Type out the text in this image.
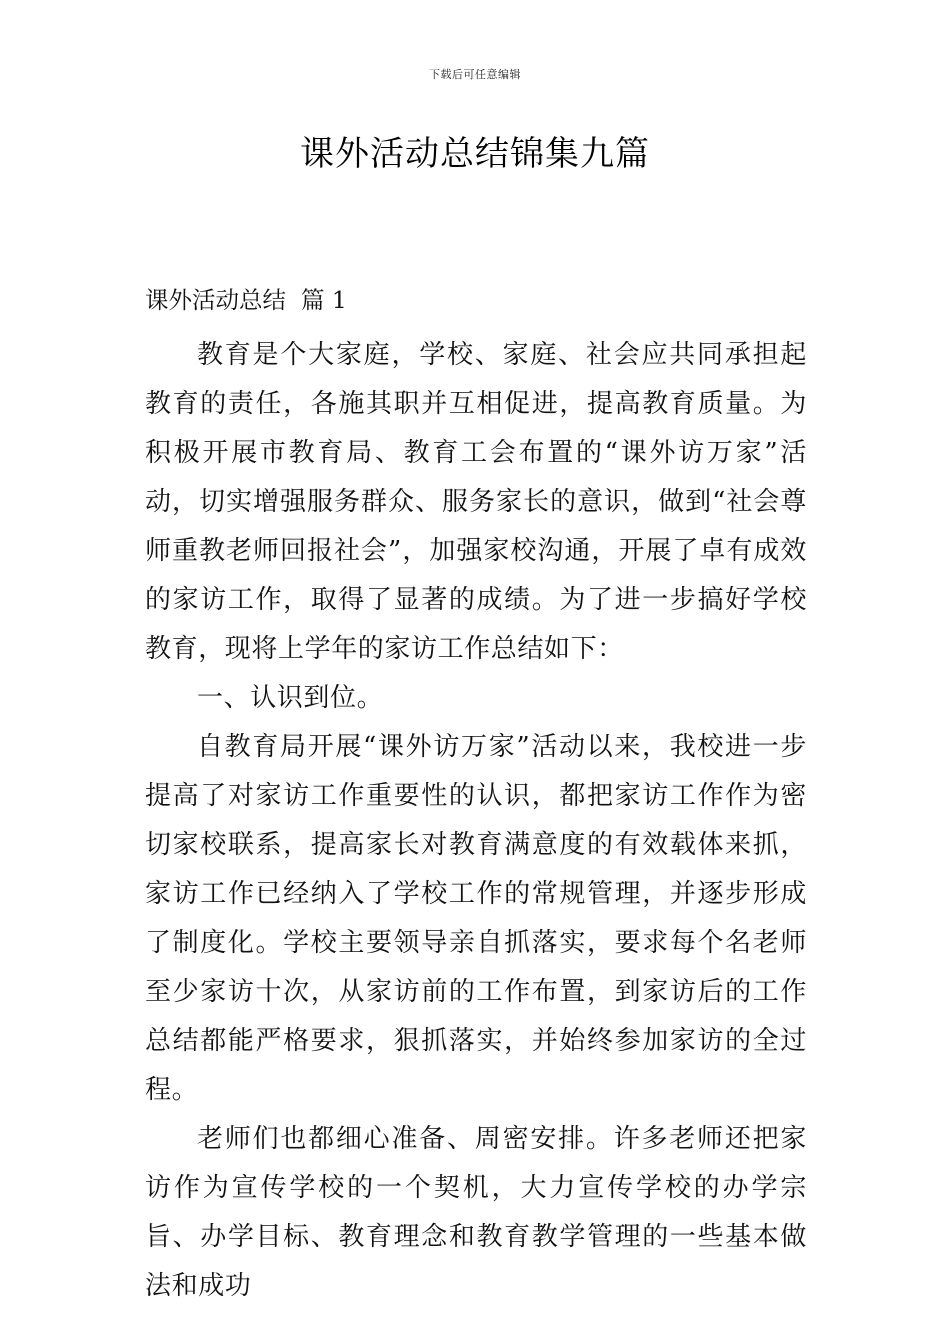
下载后可任意编辑
课外活动总结锦集九篇
课外活动总结  篇 1

教育是个大家庭，学校、家庭、社会应共同承担起教育的责任，各施其职并互相促进，提高教育质量。为积极开展市教育局、教育工会布置的“课外访万家”活动，切实增强服务群众、服务家长的意识，做到“社会尊师重教老师回报社会”，加强家校沟通，开展了卓有成效的家访工作，取得了显著的成绩。为了进一步搞好学校教育，现将上学年的家访工作总结如下：

一、认识到位。

自教育局开展“课外访万家”活动以来，我校进一步提高了对家访工作重要性的认识，都把家访工作作为密切家校联系，提高家长对教育满意度的有效载体来抓，家访工作已经纳入了学校工作的常规管理，并逐步形成了制度化。学校主要领导亲自抓落实，要求每个名老师至少家访十次，从家访前的工作布置，到家访后的工作总结都能严格要求，狠抓落实，并始终参加家访的全过程。

老师们也都细心准备、周密安排。许多老师还把家访作为宣传学校的一个契机，大力宣传学校的办学宗旨、办学目标、教育理念和教育教学管理的一些基本做法和成功
